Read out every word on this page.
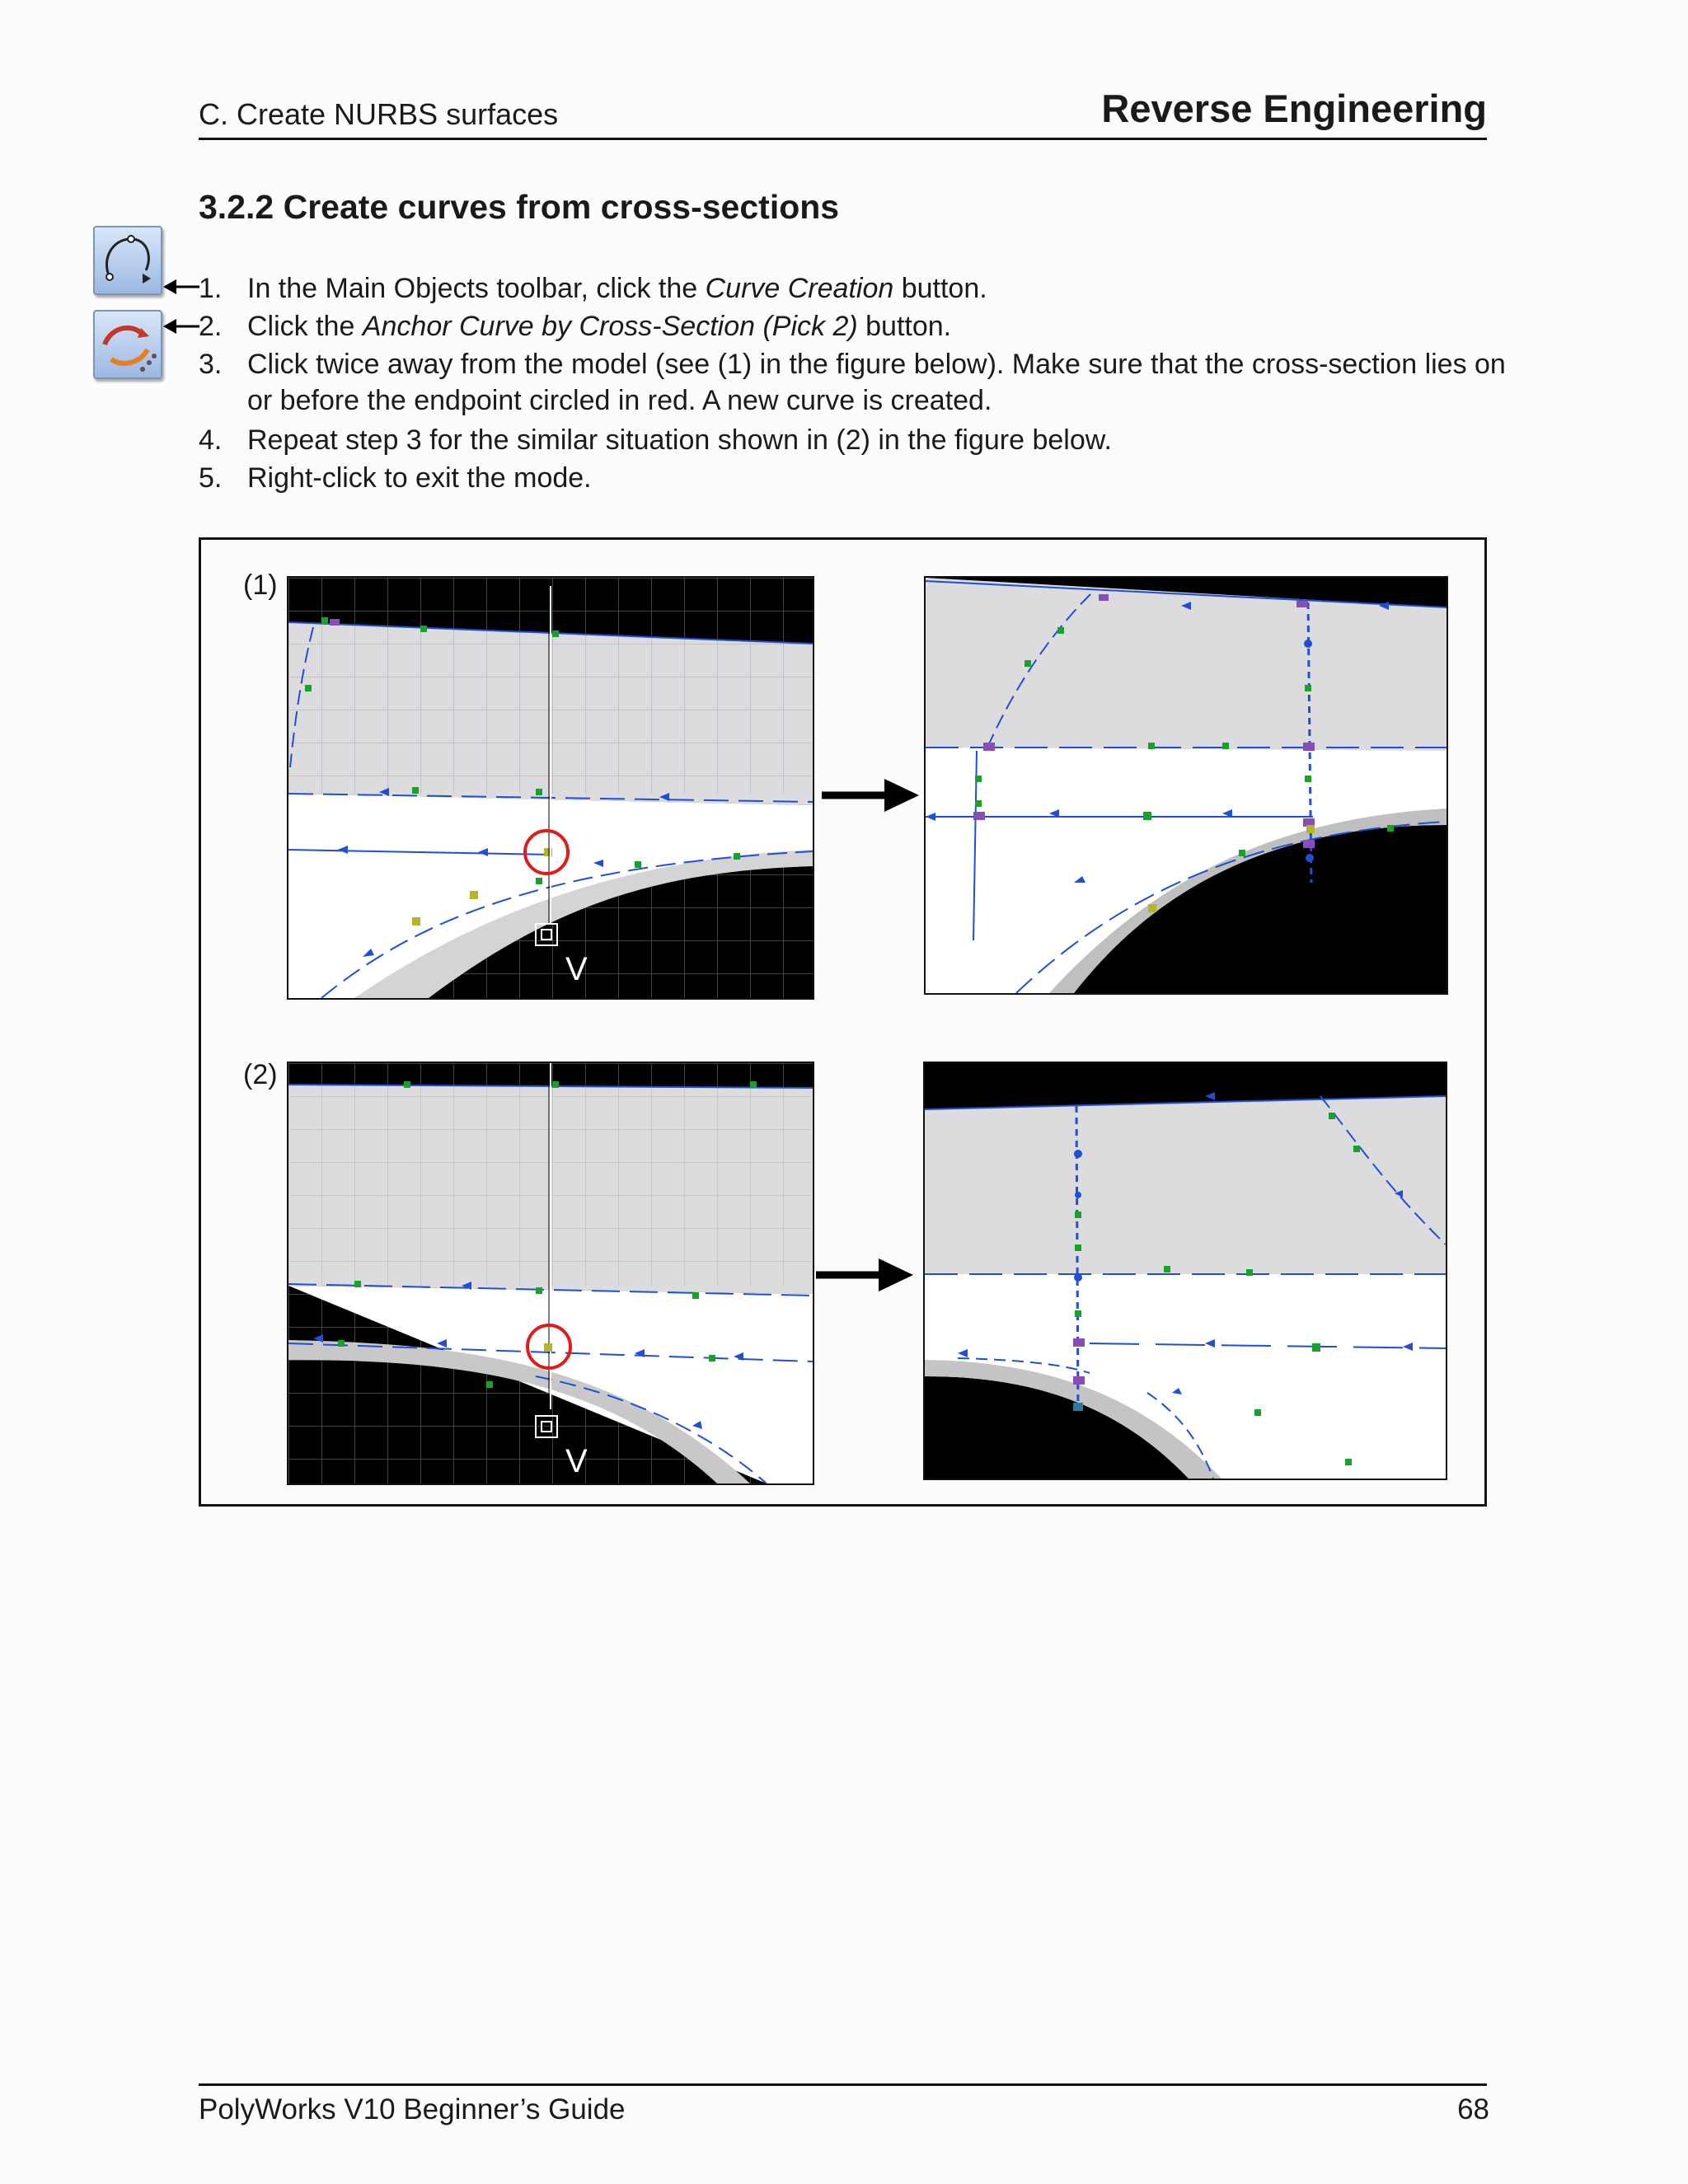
C. Create NURBS surfaces	Reverse Engineering
3.2.2 Create curves from cross-sections
1. In the Main Objects toolbar, click the Curve Creation button.
2. Click the Anchor Curve by Cross-Section (Pick 2) button.
3. Click twice away from the model (see (1) in the figure below). Make sure that the cross-section lies on or before the endpoint circled in red. A new curve is created.
4. Repeat step 3 for the similar situation shown in (2) in the figure below.
5. Right-click to exit the mode.
(1)
(2)
V
V
PolyWorks V10 Beginner’s Guide	68
